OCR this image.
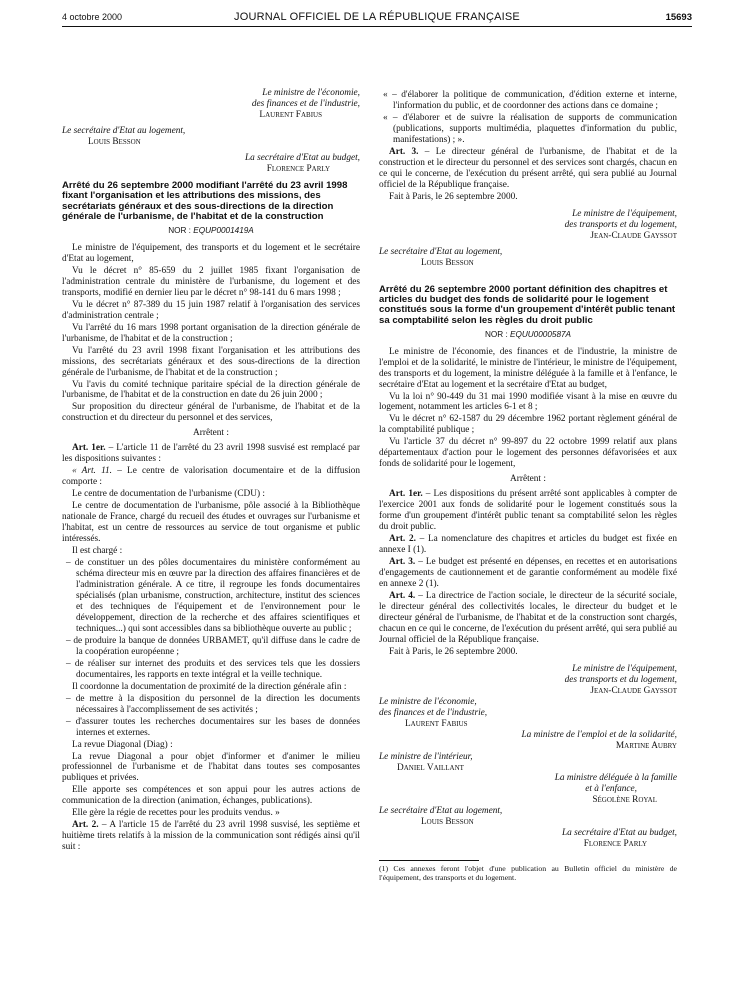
4 octobre 2000	JOURNAL OFFICIEL DE LA RÉPUBLIQUE FRANÇAISE	15693

Le ministre de l'économie,

des finances et de l'industrie,

Laurent Fabius

Le secrétaire d'Etat au logement,

Louis Besson

La secrétaire d'Etat au budget,

Florence Parly

Arrêté du 26 septembre 2000 modifiant l'arrêté du 23 avril 1998 fixant l'organisation et les attributions des missions, des secrétariats généraux et des sous-directions de la direction générale de l'urbanisme, de l'habitat et de la construction
NOR : EQUP0001419A

Le ministre de l'équipement, des transports et du logement et le secrétaire d'Etat au logement,

Vu le décret n° 85-659 du 2 juillet 1985 fixant l'organisation de l'administration centrale du ministère de l'urbanisme, du logement et des transports, modifié en dernier lieu par le décret n° 98-141 du 6 mars 1998 ;

Vu le décret n° 87-389 du 15 juin 1987 relatif à l'organisation des services d'administration centrale ;

Vu l'arrêté du 16 mars 1998 portant organisation de la direction générale de l'urbanisme, de l'habitat et de la construction ;

Vu l'arrêté du 23 avril 1998 fixant l'organisation et les attributions des missions, des secrétariats généraux et des sous-directions de la direction générale de l'urbanisme, de l'habitat et de la construction ;

Vu l'avis du comité technique paritaire spécial de la direction générale de l'urbanisme, de l'habitat et de la construction en date du 26 juin 2000 ;

Sur proposition du directeur général de l'urbanisme, de l'habitat et de la construction et du directeur du personnel et des services,

Arrêtent :

Art. 1er. – L'article 11 de l'arrêté du 23 avril 1998 susvisé est remplacé par les dispositions suivantes :

« Art. 11. – Le centre de valorisation documentaire et de la diffusion comporte :

Le centre de documentation de l'urbanisme (CDU) :

Le centre de documentation de l'urbanisme, pôle associé à la Bibliothèque nationale de France, chargé du recueil des études et ouvrages sur l'urbanisme et l'habitat, est un centre de ressources au service de tout organisme et public intéressés.

Il est chargé :

– de constituer un des pôles documentaires du ministère conformément au schéma directeur mis en œuvre par la direction des affaires financières et de l'administration générale. A ce titre, il regroupe les fonds documentaires spécialisés (plan urbanisme, construction, architecture, institut des sciences et des techniques de l'équipement et de l'environnement pour le développement, direction de la recherche et des affaires scientifiques et techniques...) qui sont accessibles dans sa bibliothèque ouverte au public ;

– de produire la banque de données URBAMET, qu'il diffuse dans le cadre de la coopération européenne ;

– de réaliser sur internet des produits et des services tels que les dossiers documentaires, les rapports en texte intégral et la veille technique.

Il coordonne la documentation de proximité de la direction générale afin :

– de mettre à la disposition du personnel de la direction les documents nécessaires à l'accomplissement de ses activités ;

– d'assurer toutes les recherches documentaires sur les bases de données internes et externes.

La revue Diagonal (Diag) :

La revue Diagonal a pour objet d'informer et d'animer le milieu professionnel de l'urbanisme et de l'habitat dans toutes ses composantes publiques et privées.

Elle apporte ses compétences et son appui pour les autres actions de communication de la direction (animation, échanges, publications).

Elle gère la régie de recettes pour les produits vendus. »

Art. 2. – A l'article 15 de l'arrêté du 23 avril 1998 susvisé, les septième et huitième tirets relatifs à la mission de la communication sont rédigés ainsi qu'il suit :

« – d'élaborer la politique de communication, d'édition externe et interne, l'information du public, et de coordonner des actions dans ce domaine ;

« – d'élaborer et de suivre la réalisation de supports de communication (publications, supports multimédia, plaquettes d'information du public, manifestations) ; ».

Art. 3. – Le directeur général de l'urbanisme, de l'habitat et de la construction et le directeur du personnel et des services sont chargés, chacun en ce qui le concerne, de l'exécution du présent arrêté, qui sera publié au Journal officiel de la République française.

Fait à Paris, le 26 septembre 2000.

Le ministre de l'équipement,

des transports et du logement,

Jean-Claude Gayssot

Le secrétaire d'Etat au logement,

Louis Besson

Arrêté du 26 septembre 2000 portant définition des chapitres et articles du budget des fonds de solidarité pour le logement constitués sous la forme d'un groupement d'intérêt public tenant sa comptabilité selon les règles du droit public
NOR : EQUU0000587A

Le ministre de l'économie, des finances et de l'industrie, la ministre de l'emploi et de la solidarité, le ministre de l'intérieur, le ministre de l'équipement, des transports et du logement, la ministre déléguée à la famille et à l'enfance, le secrétaire d'Etat au logement et la secrétaire d'Etat au budget,

Vu la loi n° 90-449 du 31 mai 1990 modifiée visant à la mise en œuvre du logement, notamment les articles 6-1 et 8 ;

Vu le décret n° 62-1587 du 29 décembre 1962 portant règlement général de la comptabilité publique ;

Vu l'article 37 du décret n° 99-897 du 22 octobre 1999 relatif aux plans départementaux d'action pour le logement des personnes défavorisées et aux fonds de solidarité pour le logement,

Arrêtent :

Art. 1er. – Les dispositions du présent arrêté sont applicables à compter de l'exercice 2001 aux fonds de solidarité pour le logement constitués sous la forme d'un groupement d'intérêt public tenant sa comptabilité selon les règles du droit public.

Art. 2. – La nomenclature des chapitres et articles du budget est fixée en annexe I (1).

Art. 3. – Le budget est présenté en dépenses, en recettes et en autorisations d'engagements de cautionnement et de garantie conformément au modèle fixé en annexe 2 (1).

Art. 4. – La directrice de l'action sociale, le directeur de la sécurité sociale, le directeur général des collectivités locales, le directeur du budget et le directeur général de l'urbanisme, de l'habitat et de la construction sont chargés, chacun en ce qui le concerne, de l'exécution du présent arrêté, qui sera publié au Journal officiel de la République française.

Fait à Paris, le 26 septembre 2000.

Le ministre de l'équipement,

des transports et du logement,

Jean-Claude Gayssot

Le ministre de l'économie,

des finances et de l'industrie,

Laurent Fabius

La ministre de l'emploi et de la solidarité,

Martine Aubry

Le ministre de l'intérieur,

Daniel Vaillant

La ministre déléguée à la famille

et à l'enfance,

Ségolène Royal

Le secrétaire d'Etat au logement,

Louis Besson

La secrétaire d'Etat au budget,

Florence Parly

(1) Ces annexes feront l'objet d'une publication au Bulletin officiel du ministère de l'équipement, des transports et du logement.
